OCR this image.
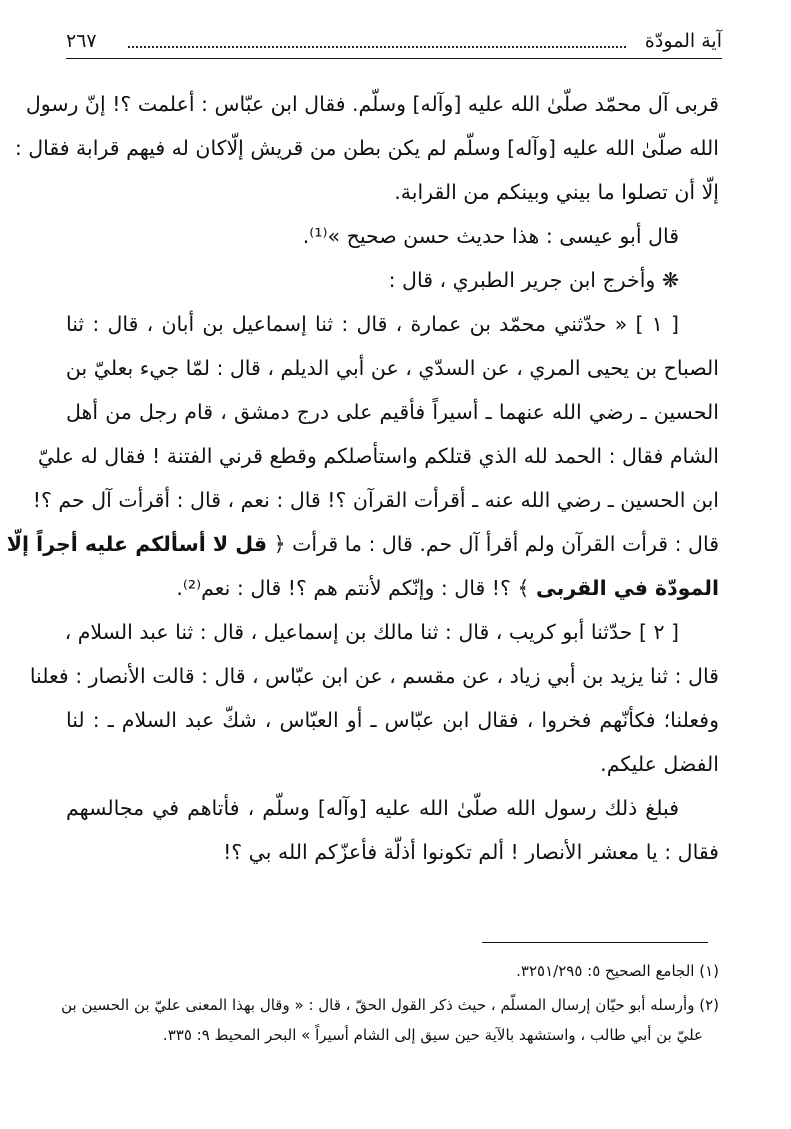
آية المودّة
٢٦٧
قربى آل محمّد صلّىٰ الله عليه [وآله] وسلّم. فقال ابن عبّاس : أعلمت ؟! إنّ رسول
الله صلّىٰ الله عليه [وآله] وسلّم لم يكن بطن من قريش إلّاكان له فيهم قرابة فقال :
إلّا أن تصلوا ما بيني وبينكم من القرابة.
قال أبو عيسى : هذا حديث حسن صحيح »⁽¹⁾.
❋ وأخرج ابن جرير الطبري ، قال :
[ ١ ] « حدّثني محمّد بن عمارة ، قال : ثنا إسماعيل بن أبان ، قال : ثنا
الصباح بن يحيى المري ، عن السدّي ، عن أبي الديلم ، قال : لمّا جيء بعليّ بن
الحسين ـ رضي الله عنهما ـ أسيراً فأقيم على درج دمشق ، قام رجل من أهل
الشام فقال : الحمد لله الذي قتلكم واستأصلكم وقطع قرني الفتنة ! فقال له عليّ
ابن الحسين ـ رضي الله عنه ـ أقرأت القرآن ؟! قال : نعم ، قال : أقرأت آل حم ؟!
قال : قرأت القرآن ولم أقرأ آل حم. قال : ما قرأت ﴿ قل لا أسألكم عليه أجراً إلّا
المودّة في القربى ﴾ ؟! قال : وإنّكم لأنتم هم ؟! قال : نعم⁽²⁾.
[ ٢ ] حدّثنا أبو كريب ، قال : ثنا مالك بن إسماعيل ، قال : ثنا عبد السلام ،
قال : ثنا يزيد بن أبي زياد ، عن مقسم ، عن ابن عبّاس ، قال : قالت الأنصار : فعلنا
وفعلنا؛ فكأنّهم فخروا ، فقال ابن عبّاس ـ أو العبّاس ، شكّ عبد السلام ـ : لنا
الفضل عليكم.
فبلغ ذلك رسول الله صلّىٰ الله عليه [وآله] وسلّم ، فأتاهم في مجالسهم
فقال : يا معشر الأنصار ! ألم تكونوا أذلّة فأعزّكم الله بي ؟!
(١) الجامع الصحيح ٥: ٣٢٥١/٢٩٥.
(٢) وأرسله أبو حيّان إرسال المسلّم ، حيث ذكر القول الحقّ ، قال : « وقال بهذا المعنى عليّ بن الحسين بن
عليّ بن أبي طالب ، واستشهد بالآية حين سيق إلى الشام أسيراً » البحر المحيط ٩: ٣٣٥.
